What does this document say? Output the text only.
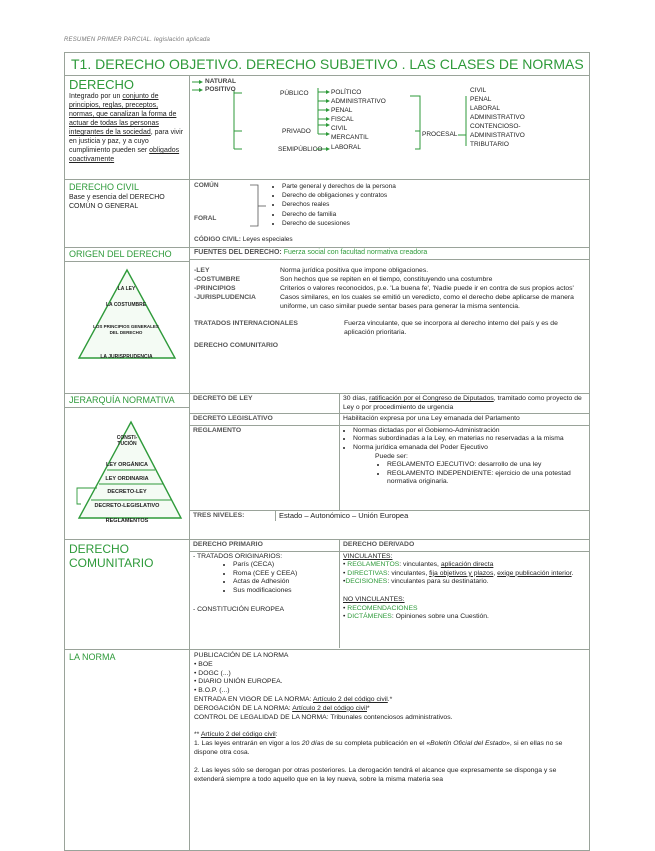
RESUMEN PRIMER PARCIAL. legislación aplicada
T1. DERECHO OBJETIVO. DERECHO SUBJETIVO . LAS CLASES DE NORMAS
DERECHO
Integrado por un conjunto de principios, reglas, preceptos, normas, que canalizan la forma de actuar de todas las personas integrantes de la sociedad, para vivir en justicia y paz, y a cuyo cumplimiento pueden ser obligados coactivamente
NATURAL
POSITIVO
PÚBLICO
PRIVADO
SEMIPÚBLICO
POLÍTICO
ADMINISTRATIVO
PENAL
FISCAL
CIVIL
MERCANTIL
LABORAL
PROCESAL
CIVIL
PENAL
LABORAL
ADMINISTRATIVO
CONTENCIOSO-
ADMINISTRATIVO
TRIBUTARIO
DERECHO CIVIL
Base y esencia del DERECHO COMÚN O GENERAL
COMÚN
FORAL
• Parte general y derechos de la persona
• Derecho de obligaciones y contratos
• Derechos reales
• Derecho de familia
• Derecho de sucesiones
CÓDIGO CIVIL: Leyes especiales
ORIGEN DEL DERECHO
LA LEY
LA COSTUMBRE
LOS PRINCIPIOS GENERALES DEL DERECHO
LA JURISPRUDENCIA
FUENTES DEL DERECHO: Fuerza social con facultad normativa creadora
-LEY	Norma jurídica positiva que impone obligaciones.
-COSTUMBRE	Son hechos que se repiten en el tiempo, constituyendo una costumbre
-PRINCIPIOS	Criterios o valores reconocidos, p.e. 'La buena fe', 'Nadie puede ir en contra de sus propios actos'
-JURISPLUDENCIA	Casos similares, en los cuales se emitió un veredicto, como el derecho debe aplicarse de manera uniforme, un caso similar puede sentar bases para generar la misma sentencia.
TRATADOS INTERNACIONALES	Fuerza vinculante, que se incorpora al derecho interno del país y es de aplicación prioritaria.
DERECHO COMUNITARIO
JERARQUÍA NORMATIVA
CONSTI-TUCIÓN
LEY ORGÁNICA
LEY ORDINARIA
DECRETO-LEY
DECRETO-LEGISLATIVO
REGLAMENTOS
DECRETO DE LEY	30 días, ratificación por el Congreso de Diputados, tramitado como proyecto de Ley o por procedimiento de urgencia
DECRETO LEGISLATIVO	Habilitación expresa por una Ley emanada del Parlamento
REGLAMENTO
•	Normas dictadas por el Gobierno-Administración
• Normas subordinadas a la Ley, en materias no reservadas a la misma
• Norma jurídica emanada del Poder Ejecutivo
Puede ser:
• REGLAMENTO EJECUTIVO: desarrollo de una ley
• REGLAMENTO INDEPENDIENTE: ejercicio de una potestad normativa originaria.
TRES NIVELES:	Estado – Autonómico – Unión Europea
DERECHO COMUNITARIO
DERECHO PRIMARIO	DERECHO DERIVADO
- TRATADOS ORIGINARIOS:
• París (CECA)
• Roma (CEE y CEEA)
• Actas de Adhesión
• Sus modificaciones
- CONSTITUCIÓN EUROPEA
VINCULANTES:
• REGLAMENTOS: vinculantes, aplicación directa
• DIRECTIVAS: vinculantes, fija objetivos y plazos, exige publicación interior.
•DECISIONES: vinculantes para su destinatario.
NO VINCULANTES:
• RECOMENDACIONES
• DICTÁMENES: Opiniones sobre una Cuestión.
LA NORMA	PUBLICACIÓN DE LA NORMA
• BOE
• DOGC (...)
• DIARIO UNIÓN EUROPEA.
• B.O.P. (...)
ENTRADA EN VIGOR DE LA NORMA: Artículo 2 del código civil.*
DEROGACIÓN DE LA NORMA: Artículo 2 del código civil*
CONTROL DE LEGALIDAD DE LA NORMA: Tribunales contenciosos administrativos.
** Artículo 2 del código civil:
1. Las leyes entrarán en vigor a los 20 días de su completa publicación en el «Boletín Oficial del Estado», si en ellas no se dispone otra cosa.
2. Las leyes sólo se derogan por otras posteriores. La derogación tendrá el alcance que expresamente se disponga y se extenderá siempre a todo aquello que en la ley nueva, sobre la misma materia sea
